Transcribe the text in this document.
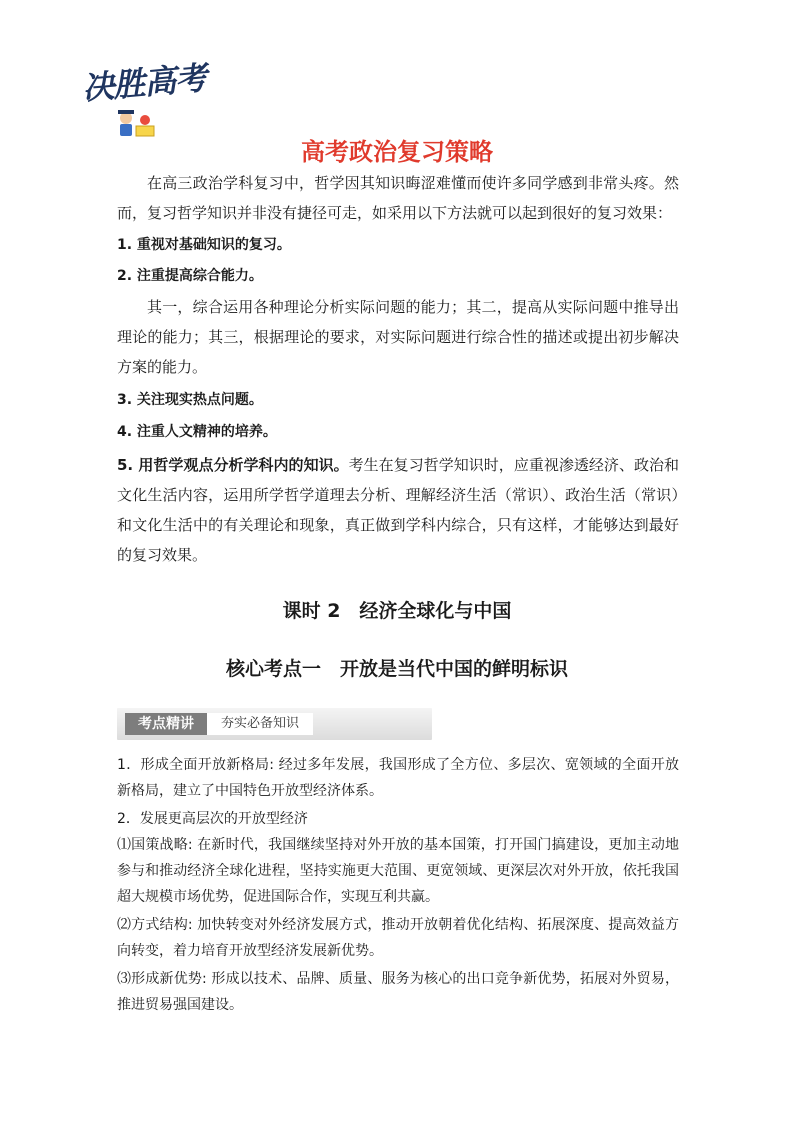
决胜高考
高考政治复习策略

在高三政治学科复习中，哲学因其知识晦涩难懂而使许多同学感到非常头疼。然而，复习哲学知识并非没有捷径可走，如采用以下方法就可以起到很好的复习效果：

1. 重视对基础知识的复习。

2. 注重提高综合能力。

其一，综合运用各种理论分析实际问题的能力；其二，提高从实际问题中推导出理论的能力；其三，根据理论的要求，对实际问题进行综合性的描述或提出初步解决方案的能力。

3. 关注现实热点问题。

4. 注重人文精神的培养。

5. 用哲学观点分析学科内的知识。考生在复习哲学知识时，应重视渗透经济、政治和文化生活内容，运用所学哲学道理去分析、理解经济生活（常识）、政治生活（常识）和文化生活中的有关理论和现象，真正做到学科内综合，只有这样，才能够达到最好的复习效果。

课时 2　经济全球化与中国
核心考点一　开放是当代中国的鲜明标识
考点精讲	夯实必备知识

1．形成全面开放新格局: 经过多年发展，我国形成了全方位、多层次、宽领域的全面开放新格局，建立了中国特色开放型经济体系。

2．发展更高层次的开放型经济

⑴国策战略: 在新时代，我国继续坚持对外开放的基本国策，打开国门搞建设，更加主动地参与和推动经济全球化进程，坚持实施更大范围、更宽领域、更深层次对外开放，依托我国超大规模市场优势，促进国际合作，实现互利共赢。

⑵方式结构: 加快转变对外经济发展方式，推动开放朝着优化结构、拓展深度、提高效益方向转变，着力培育开放型经济发展新优势。

⑶形成新优势: 形成以技术、品牌、质量、服务为核心的出口竞争新优势，拓展对外贸易，推进贸易强国建设。
